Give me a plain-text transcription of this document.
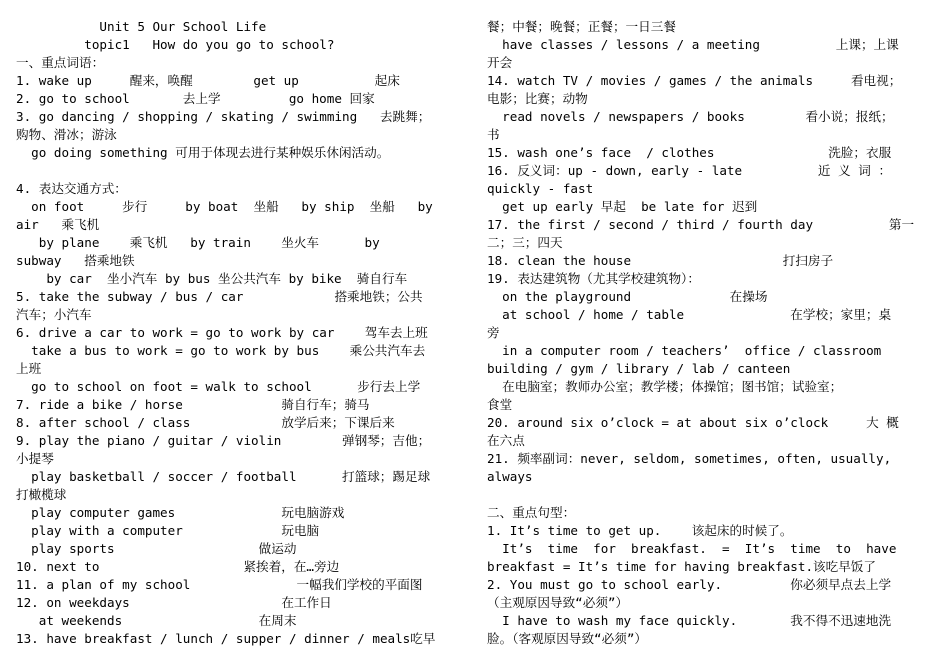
Unit 5 Our School Life
topic1   How do you go to school?
一、重点词语：
1. wake up     醒来，唤醒        get up          起床
2. go to school       去上学         go home 回家
3. go dancing / shopping / skating / swimming   去跳舞；
购物、滑冰；游泳
go doing something 可用于体现去进行某种娱乐休闲活动。
4. 表达交通方式：
on foot     步行     by boat  坐船   by ship  坐船   by
air   乘飞机
by plane    乘飞机   by train    坐火车      by
subway   搭乘地铁
by car  坐小汽车 by bus 坐公共汽车 by bike  骑自行车
5. take the subway / bus / car            搭乘地铁；公共
汽车；小汽车
6. drive a car to work = go to work by car    驾车去上班
take a bus to work = go to work by bus    乘公共汽车去
上班
go to school on foot = walk to school      步行去上学
7. ride a bike / horse             骑自行车；骑马
8. after school / class            放学后来；下课后来
9. play the piano / guitar / violin        弹钢琴；吉他；
小提琴
play basketball / soccer / football      打篮球；踢足球
打橄榄球
play computer games              玩电脑游戏
play with a computer             玩电脑
play sports                   做运动
10. next to                   紧挨着，在…旁边
11. a plan of my school              一幅我们学校的平面图
12. on weekdays                    在工作日
at weekends                  在周末
13. have breakfast / lunch / supper / dinner / meals吃早
餐；中餐；晚餐；正餐；一日三餐
have classes / lessons / a meeting          上课；上课
开会
14. watch TV / movies / games / the animals     看电视；
电影；比赛；动物
read novels / newspapers / books        看小说；报纸；
书
15. wash one’s face  / clothes               洗脸；衣服
16. 反义词：up - down, early - late          近 义 词 ：
quickly - fast
get up early 早起  be late for 迟到
17. the first / second / third / fourth day          第一
二；三；四天
18. clean the house                    打扫房子
19. 表达建筑物（尤其学校建筑物）：
on the playground             在操场
at school / home / table              在学校；家里；桌
旁
in a computer room / teachers’  office / classroom
building / gym / library / lab / canteen
在电脑室；教师办公室；教学楼；体操馆；图书馆；试验室；
食堂
20. around six o’clock = at about six o’clock     大 概
在六点
21. 频率副词：never, seldom, sometimes, often, usually,
always
二、重点句型：
1. It’s time to get up.    该起床的时候了。
It’s  time  for  breakfast.  =  It’s  time  to  have
breakfast = It’s time for having breakfast.该吃早饭了
2. You must go to school early.         你必须早点去上学
（主观原因导致“必须”）
I have to wash my face quickly.       我不得不迅速地洗
脸。（客观原因导致“必须”）
